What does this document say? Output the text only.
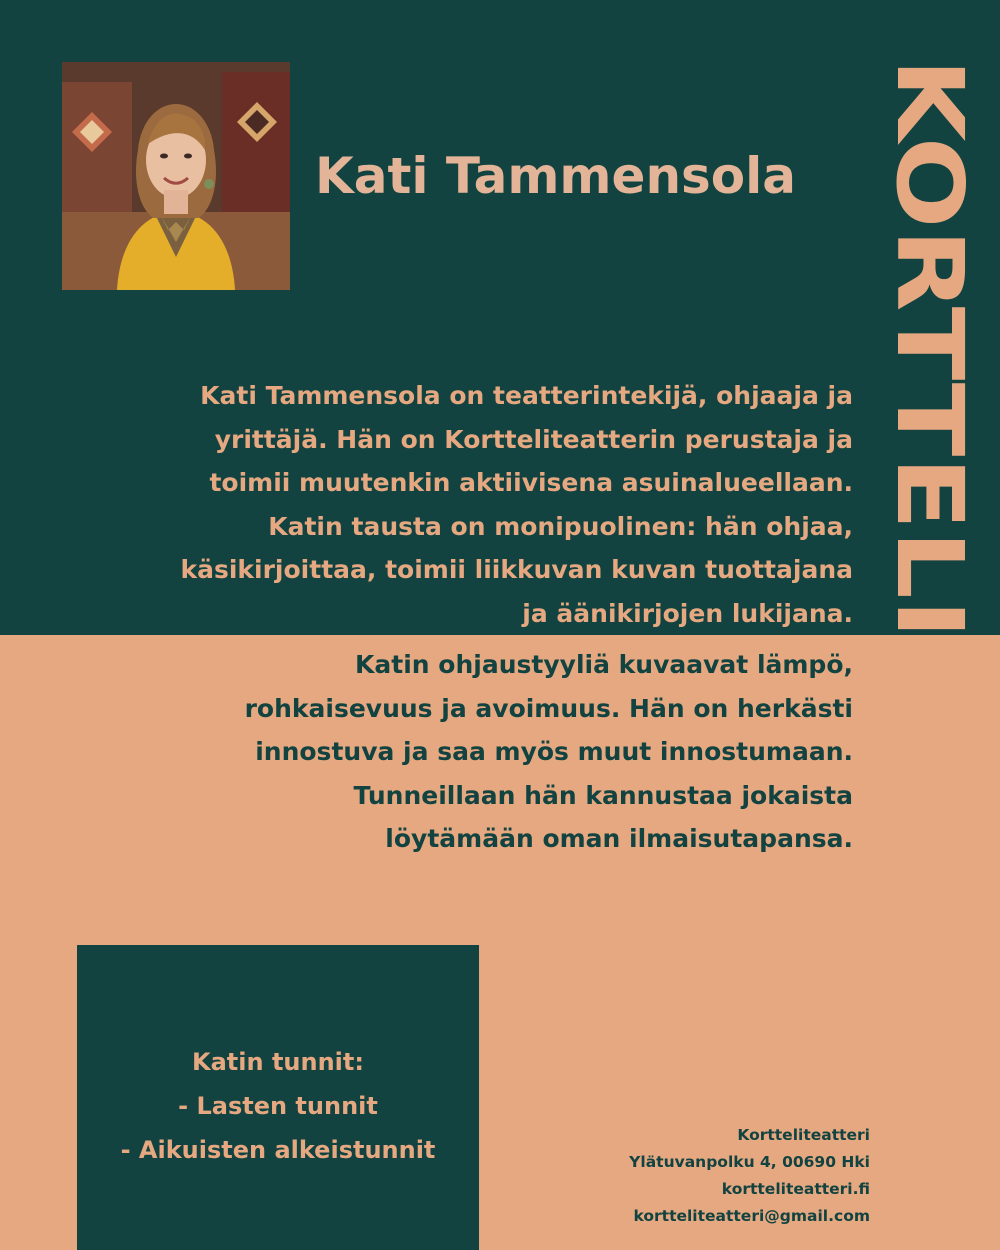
Kati Tammensola
Kati Tammensola on teatterintekijä, ohjaaja ja
yrittäjä. Hän on Kortteliteatterin perustaja ja
toimii muutenkin aktiivisena asuinalueellaan.
Katin tausta on monipuolinen: hän ohjaa,
käsikirjoittaa, toimii liikkuvan kuvan tuottajana
ja äänikirjojen lukijana.
Katin ohjaustyyliä kuvaavat lämpö,
rohkaisevuus ja avoimuus. Hän on herkästi
innostuva ja saa myös muut innostumaan.
Tunneillaan hän kannustaa jokaista
löytämään oman ilmaisutapansa. KORTTELITEATTERI
Katin tunnit:
- Lasten tunnit
- Aikuisten alkeistunnit
Kortteliteatteri
Ylätuvanpolku 4, 00690 Hki
kortteliteatteri.fi
kortteliteatteri@gmail.com
